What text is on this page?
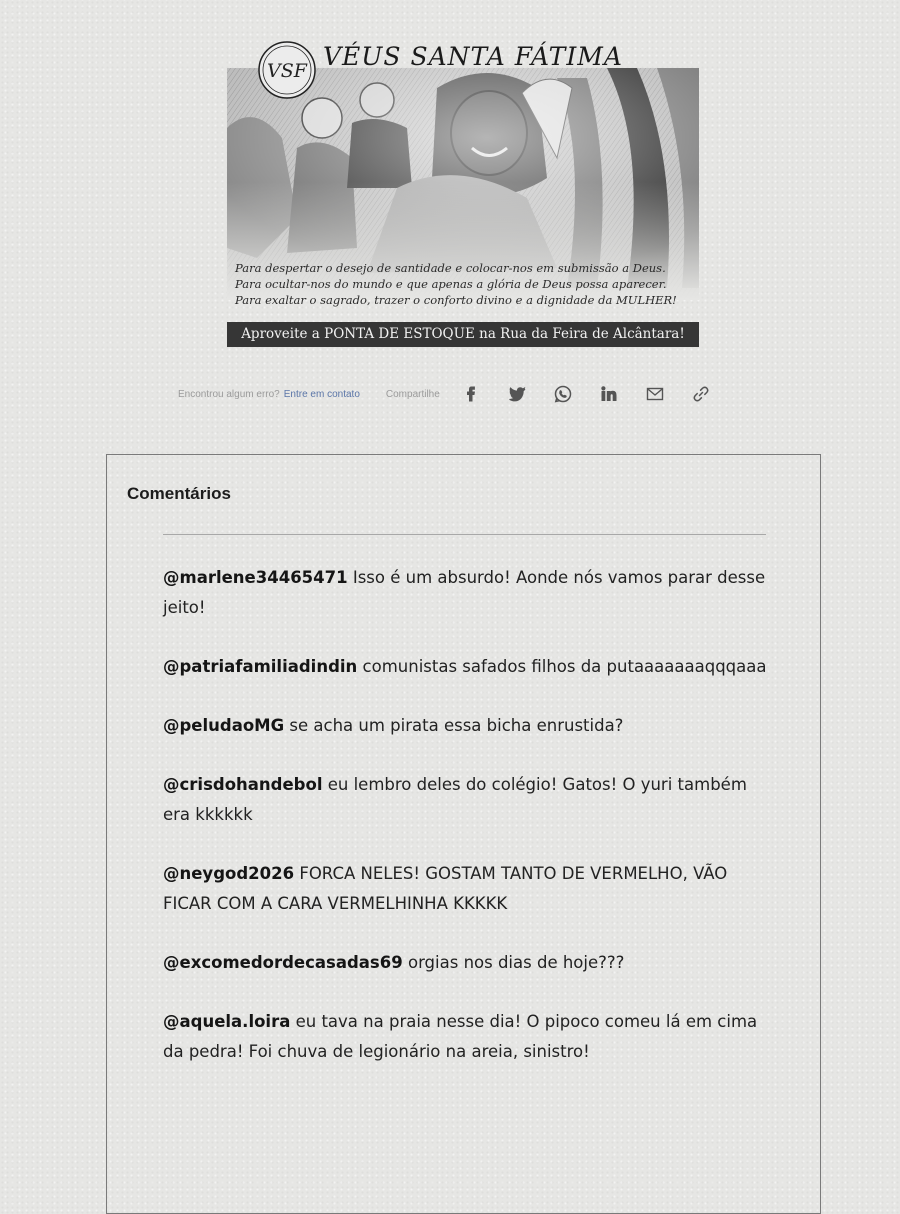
VSF VÉUS SANTA FÁTIMA
Para despertar o desejo de santidade e colocar-nos em submissão a Deus.
Para ocultar-nos do mundo e que apenas a glória de Deus possa aparecer.
Para exaltar o sagrado, trazer o conforto divino e a dignidade da MULHER!
Aproveite a PONTA DE ESTOQUE na Rua da Feira de Alcântara!
Encontrou algum erro? Entre em contato	Compartilhe
Comentários
@marlene34465471 Isso é um absurdo! Aonde nós vamos parar desse jeito!
@patriafamiliadindin comunistas safados filhos da putaaaaaaaqqqaaa
@peludaoMG se acha um pirata essa bicha enrustida?
@crisdohandebol eu lembro deles do colégio! Gatos! O yuri também era kkkkkk
@neygod2026 FORCA NELES! GOSTAM TANTO DE VERMELHO, VÃO FICAR COM A CARA VERMELHINHA KKKKK
@excomedordecasadas69 orgias nos dias de hoje???
@aquela.loira eu tava na praia nesse dia! O pipoco comeu lá em cima da pedra! Foi chuva de legionário na areia, sinistro!
